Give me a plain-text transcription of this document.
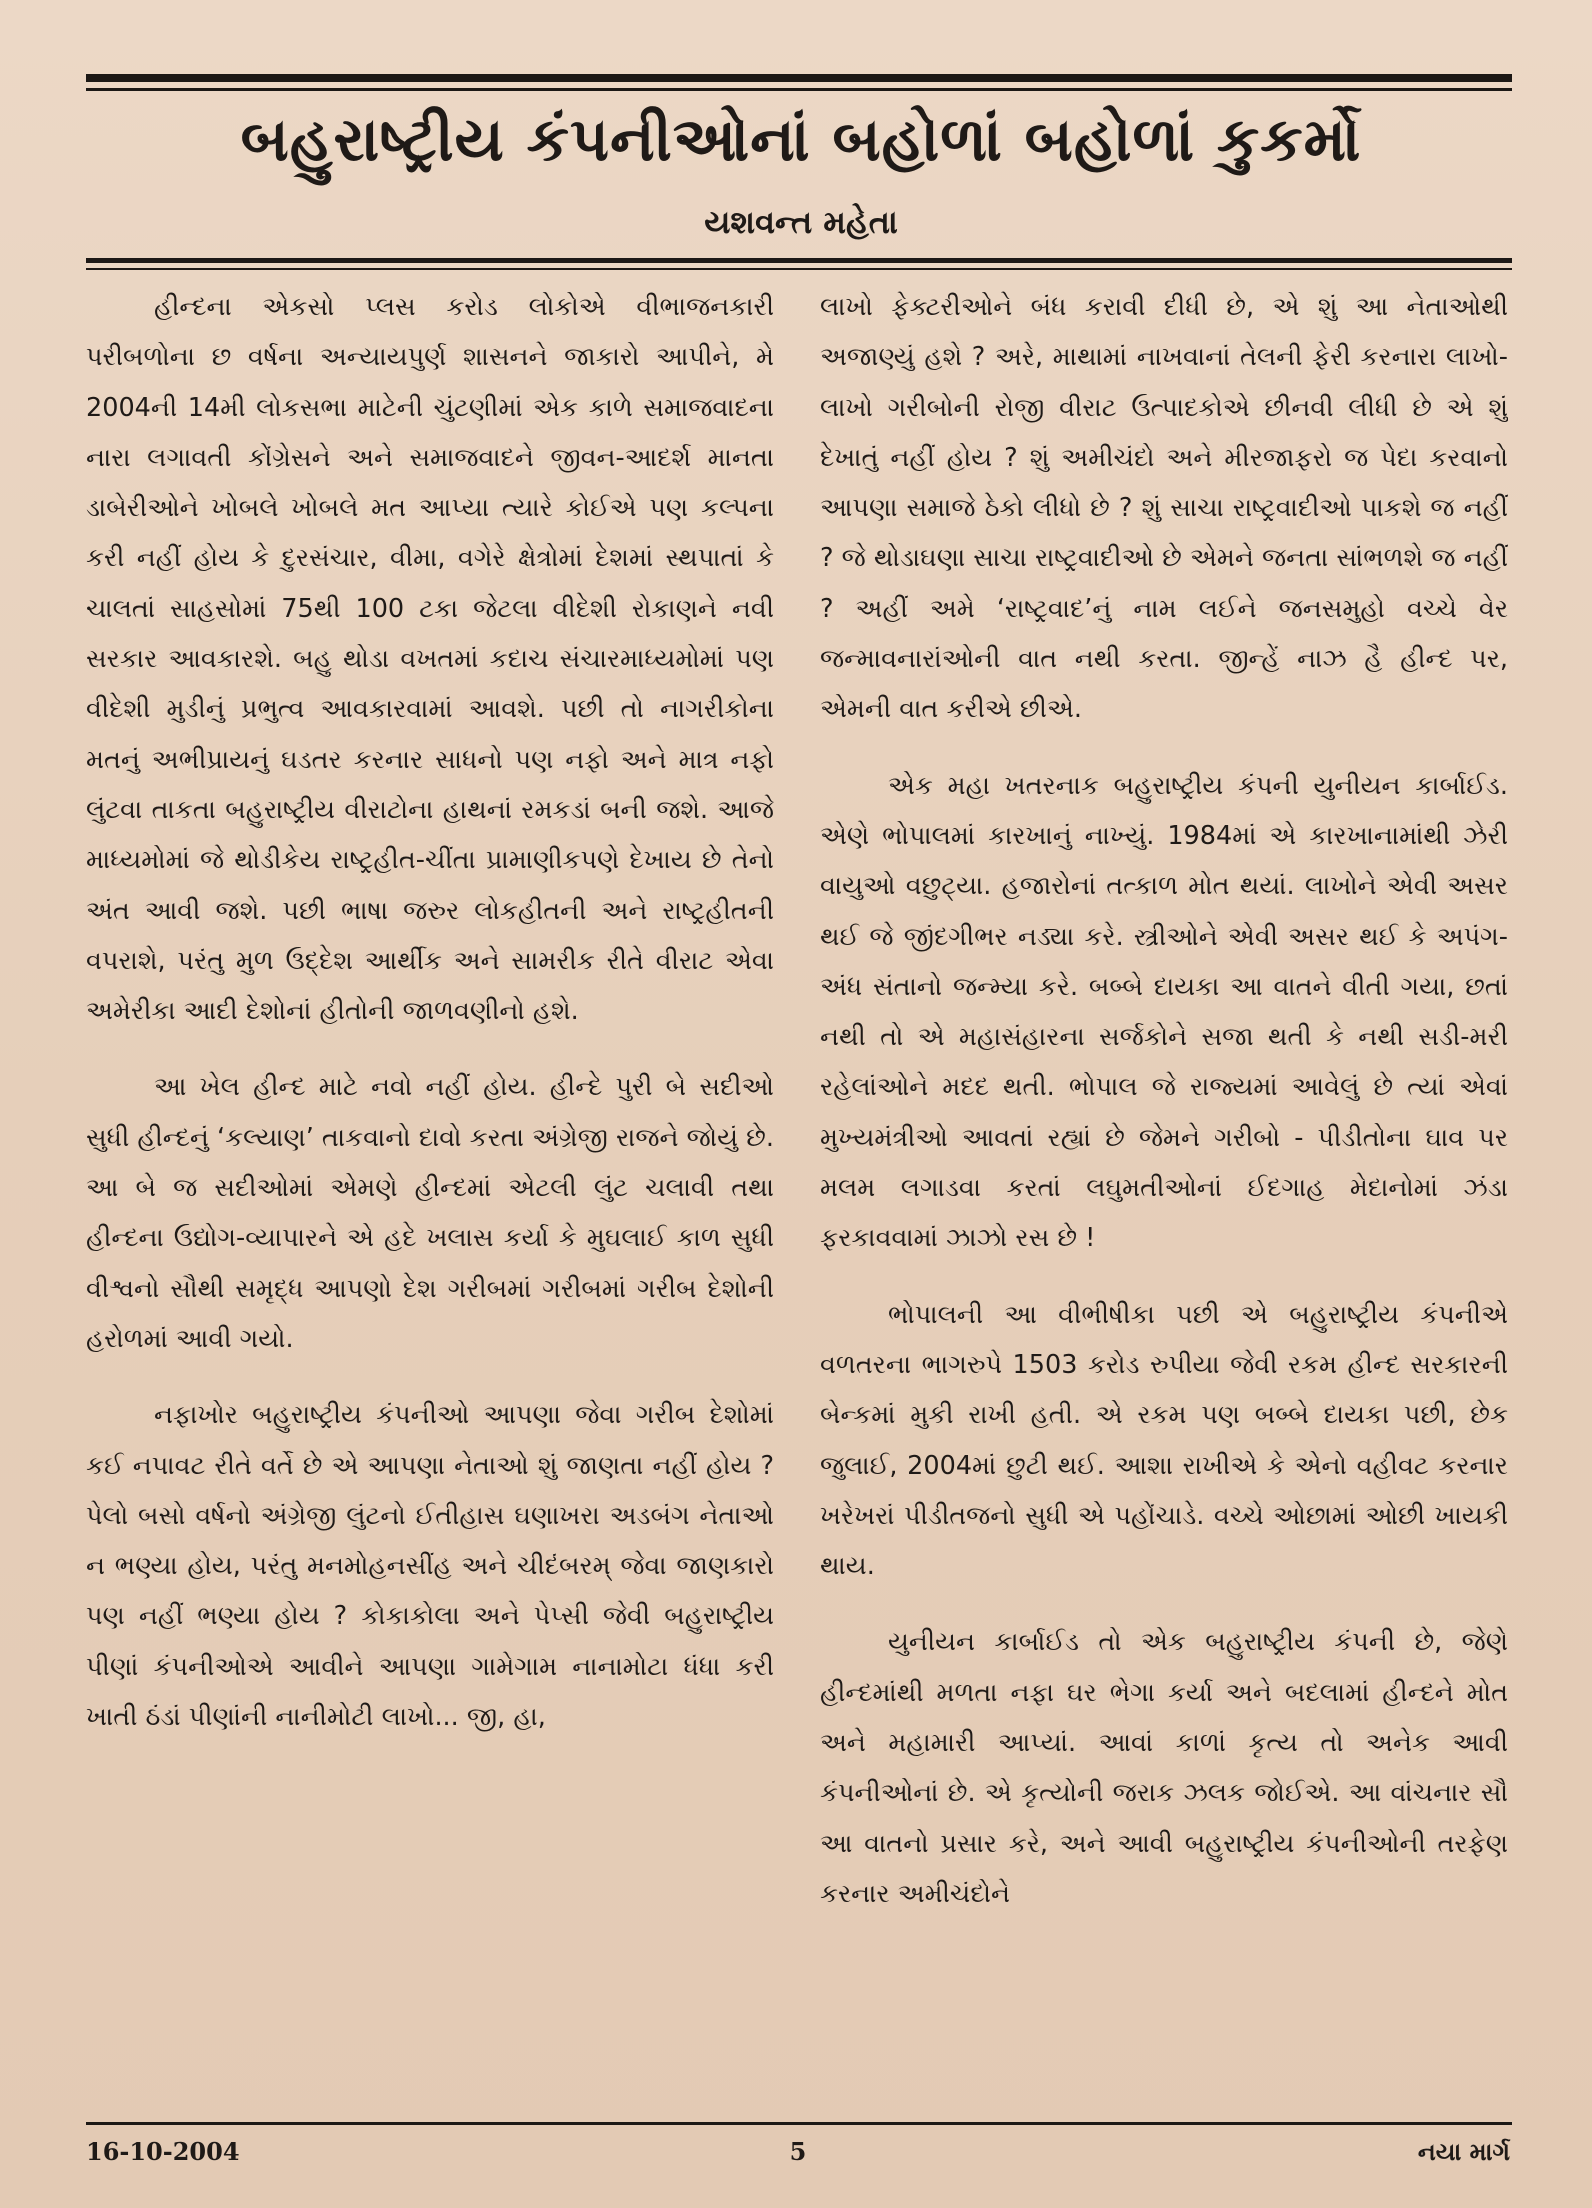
બહુરાષ્ટ્રીય કંપનીઓનાં બહોળાં બહોળાં કુકર્મો
યશવન્ત મહેતા

હીન્દના એકસો પ્લસ કરોડ લોકોએ વીભાજનકારી પરીબળોના છ વર્ષના અન્યાયપુર્ણ શાસનને જાકારો આપીને, મે 2004ની 14મી લોકસભા માટેની ચુંટણીમાં એક કાળે સમાજવાદના નારા લગાવતી કોંગ્રેસને અને સમાજવાદને જીવન-આદર્શ માનતા ડાબેરીઓને ખોબલે ખોબલે મત આપ્યા ત્યારે કોઈએ પણ કલ્પના કરી નહીં હોય કે દુરસંચાર, વીમા, વગેરે ક્ષેત્રોમાં દેશમાં સ્થપાતાં કે ચાલતાં સાહસોમાં 75થી 100 ટકા જેટલા વીદેશી રોકાણને નવી સરકાર આવકારશે. બહુ થોડા વખતમાં કદાચ સંચારમાધ્યમોમાં પણ વીદેશી મુડીનું પ્રભુત્વ આવકારવામાં આવશે. પછી તો નાગરીકોના મતનું અભીપ્રાયનું ઘડતર કરનાર સાધનો પણ નફો અને માત્ર નફો લુંટવા તાકતા બહુરાષ્ટ્રીય વીરાટોના હાથનાં રમકડાં બની જશે. આજે માધ્યમોમાં જે થોડીકેય રાષ્ટ્રહીત-ચીંતા પ્રામાણીકપણે દેખાય છે તેનો અંત આવી જશે. પછી ભાષા જરુર લોકહીતની અને રાષ્ટ્રહીતની વપરાશે, પરંતુ મુળ ઉદ્દેશ આર્થીક અને સામરીક રીતે વીરાટ એવા અમેરીકા આદી દેશોનાં હીતોની જાળવણીનો હશે.

આ ખેલ હીન્દ માટે નવો નહીં હોય. હીન્દે પુરી બે સદીઓ સુધી હીન્દનું ‘કલ્યાણ’ તાકવાનો દાવો કરતા અંગ્રેજી રાજને જોયું છે. આ બે જ સદીઓમાં એમણે હીન્દમાં એટલી લુંટ ચલાવી તથા હીન્દના ઉદ્યોગ-વ્યાપારને એ હદે ખલાસ કર્યા કે મુઘલાઈ કાળ સુધી વીશ્વનો સૌથી સમૃદ્ધ આપણો દેશ ગરીબમાં ગરીબમાં ગરીબ દેશોની હરોળમાં આવી ગયો.

નફાખોર બહુરાષ્ટ્રીય કંપનીઓ આપણા જેવા ગરીબ દેશોમાં કઈ નપાવટ રીતે વર્તે છે એ આપણા નેતાઓ શું જાણતા નહીં હોય ? પેલો બસો વર્ષનો અંગ્રેજી લુંટનો ઈતીહાસ ઘણાખરા અડબંગ નેતાઓ ન ભણ્યા હોય, પરંતુ મનમોહનસીંહ અને ચીદંબરમ્ જેવા જાણકારો પણ નહીં ભણ્યા હોય ? કોકાકોલા અને પેપ્સી જેવી બહુરાષ્ટ્રીય પીણાં કંપનીઓએ આવીને આપણા ગામેગામ નાનામોટા ધંધા કરી ખાતી ઠંડાં પીણાંની નાનીમોટી લાખો... જી, હા,

લાખો ફેક્ટરીઓને બંધ કરાવી દીધી છે, એ શું આ નેતાઓથી અજાણ્યું હશે ? અરે, માથામાં નાખવાનાં તેલની ફેરી કરનારા લાખો-લાખો ગરીબોની રોજી વીરાટ ઉત્પાદકોએ છીનવી લીધી છે એ શું દેખાતું નહીં હોય ? શું અમીચંદો અને મીરજાફરો જ પેદા કરવાનો આપણા સમાજે ઠેકો લીધો છે ? શું સાચા રાષ્ટ્રવાદીઓ પાકશે જ નહીં ? જે થોડાઘણા સાચા રાષ્ટ્રવાદીઓ છે એમને જનતા સાંભળશે જ નહીં ? અહીં અમે ‘રાષ્ટ્રવાદ’નું નામ લઈને જનસમુહો વચ્ચે વેર જન્માવનારાંઓની વાત નથી કરતા. જીન્હેં નાઝ હૈ હીન્દ પર, એમની વાત કરીએ છીએ.

એક મહા ખતરનાક બહુરાષ્ટ્રીય કંપની યુનીયન કાર્બાઈડ. એણે ભોપાલમાં કારખાનું નાખ્યું. 1984માં એ કારખાનામાંથી ઝેરી વાયુઓ વછુટ્યા. હજારોનાં તત્કાળ મોત થયાં. લાખોને એવી અસર થઈ જે જીંદગીભર નડ્યા કરે. સ્ત્રીઓને એવી અસર થઈ કે અપંગ-અંધ સંતાનો જન્મ્યા કરે. બબ્બે દાયકા આ વાતને વીતી ગયા, છતાં નથી તો એ મહાસંહારના સર્જકોને સજા થતી કે નથી સડી-મરી રહેલાંઓને મદદ થતી. ભોપાલ જે રાજ્યમાં આવેલું છે ત્યાં એવાં મુખ્યમંત્રીઓ આવતાં રહ્યાં છે જેમને ગરીબો - પીડીતોના ઘાવ પર મલમ લગાડવા કરતાં લઘુમતીઓનાં ઈદગાહ મેદાનોમાં ઝંડા ફરકાવવામાં ઝાઝો રસ છે !

ભોપાલની આ વીભીષીકા પછી એ બહુરાષ્ટ્રીય કંપનીએ વળતરના ભાગરુપે 1503 કરોડ રુપીયા જેવી રકમ હીન્દ સરકારની બેન્કમાં મુકી રાખી હતી. એ રકમ પણ બબ્બે દાયકા પછી, છેક જુલાઈ, 2004માં છુટી થઈ. આશા રાખીએ કે એનો વહીવટ કરનાર ખરેખરાં પીડીતજનો સુધી એ પહોંચાડે. વચ્ચે ઓછામાં ઓછી ખાયકી થાય.

યુનીયન કાર્બાઈડ તો એક બહુરાષ્ટ્રીય કંપની છે, જેણે હીન્દમાંથી મળતા નફા ઘર ભેગા કર્યા અને બદલામાં હીન્દને મોત અને મહામારી આપ્યાં. આવાં કાળાં કૃત્ય તો અનેક આવી કંપનીઓનાં છે. એ કૃત્યોની જરાક ઝલક જોઈએ. આ વાંચનાર સૌ આ વાતનો પ્રસાર કરે, અને આવી બહુરાષ્ટ્રીય કંપનીઓની તરફેણ કરનાર અમીચંદોને

16-10-2004	5	નયા માર્ગ
